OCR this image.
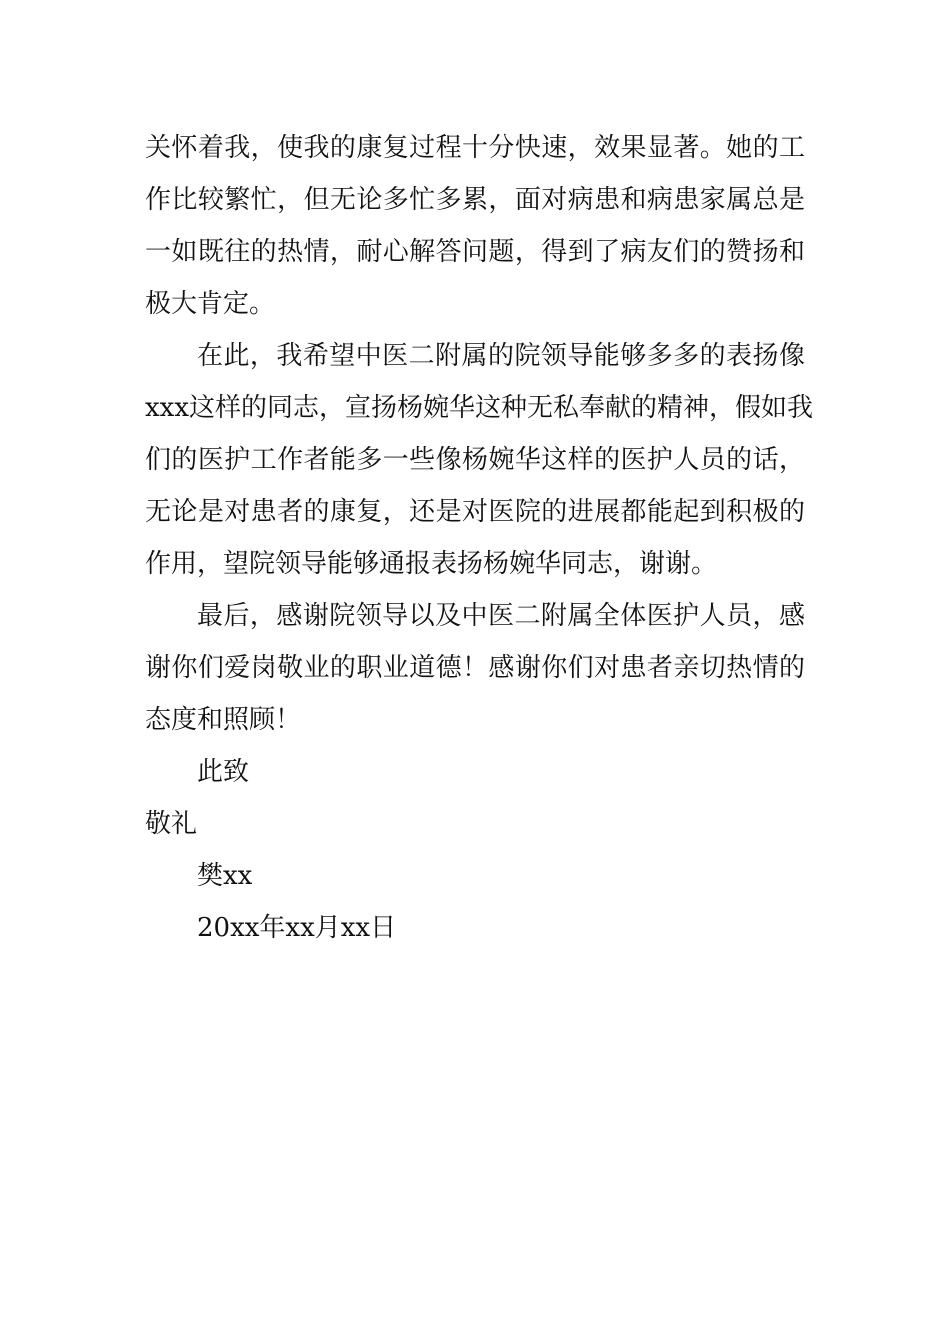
关怀着我，使我的康复过程十分快速，效果显著。她的工
作比较繁忙，但无论多忙多累，面对病患和病患家属总是
一如既往的热情，耐心解答问题，得到了病友们的赞扬和
极大肯定。
在此，我希望中医二附属的院领导能够多多的表扬像
xxx这样的同志，宣扬杨婉华这种无私奉献的精神，假如我
们的医护工作者能多一些像杨婉华这样的医护人员的话，
无论是对患者的康复，还是对医院的进展都能起到积极的
作用，望院领导能够通报表扬杨婉华同志，谢谢。
最后，感谢院领导以及中医二附属全体医护人员，感
谢你们爱岗敬业的职业道德！感谢你们对患者亲切热情的
态度和照顾！
此致
敬礼
樊xx
20xx年xx月xx日
